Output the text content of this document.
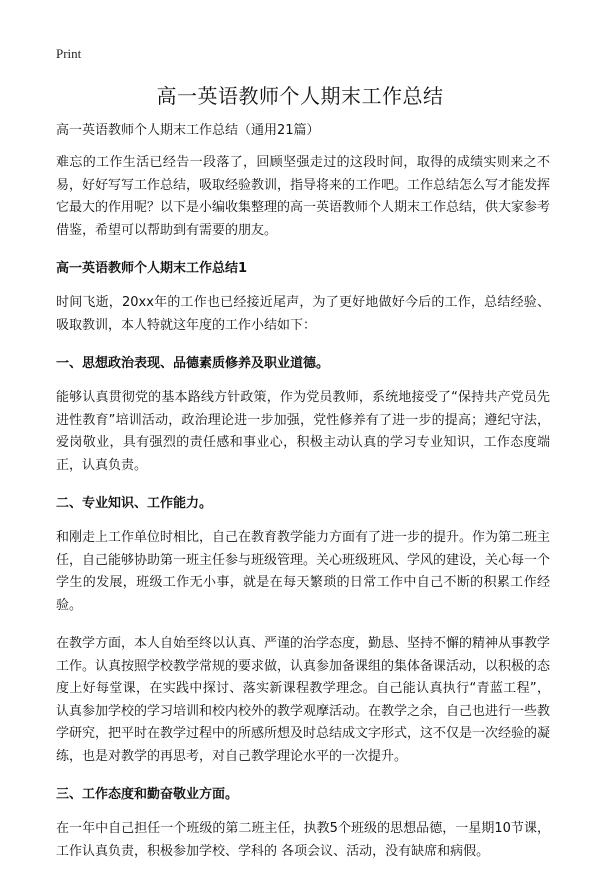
Print
高一英语教师个人期末工作总结

高一英语教师个人期末工作总结（通用21篇）

难忘的工作生活已经告一段落了，回顾坚强走过的这段时间，取得的成绩实则来之不易，好好写写工作总结，吸取经验教训，指导将来的工作吧。工作总结怎么写才能发挥它最大的作用呢？以下是小编收集整理的高一英语教师个人期末工作总结，供大家参考借鉴，希望可以帮助到有需要的朋友。

高一英语教师个人期末工作总结1

时间飞逝，20xx年的工作也已经接近尾声，为了更好地做好今后的工作，总结经验、吸取教训，本人特就这年度的工作小结如下：

一、思想政治表现、品德素质修养及职业道德。

能够认真贯彻党的基本路线方针政策，作为党员教师，系统地接受了“保持共产党员先进性教育”培训活动，政治理论进一步加强，党性修养有了进一步的提高；遵纪守法，爱岗敬业，具有强烈的责任感和事业心，积极主动认真的学习专业知识，工作态度端正，认真负责。

二、专业知识、工作能力。

和刚走上工作单位时相比，自己在教育教学能力方面有了进一步的提升。作为第二班主任，自己能够协助第一班主任参与班级管理。关心班级班风、学风的建设，关心每一个学生的发展，班级工作无小事，就是在每天繁琐的日常工作中自己不断的积累工作经验。

在教学方面，本人自始至终以认真、严谨的治学态度，勤恳、坚持不懈的精神从事教学工作。认真按照学校教学常规的要求做，认真参加备课组的集体备课活动，以积极的态度上好每堂课，在实践中探讨、落实新课程教学理念。自己能认真执行“青蓝工程”，认真参加学校的学习培训和校内校外的教学观摩活动。在教学之余，自己也进行一些教学研究，把平时在教学过程中的所感所想及时总结成文字形式，这不仅是一次经验的凝练，也是对教学的再思考，对自己教学理论水平的一次提升。

三、工作态度和勤奋敬业方面。

在一年中自己担任一个班级的第二班主任，执教5个班级的思想品德，一星期10节课，工作认真负责，积极参加学校、学科的 各项会议、活动，没有缺席和病假。
